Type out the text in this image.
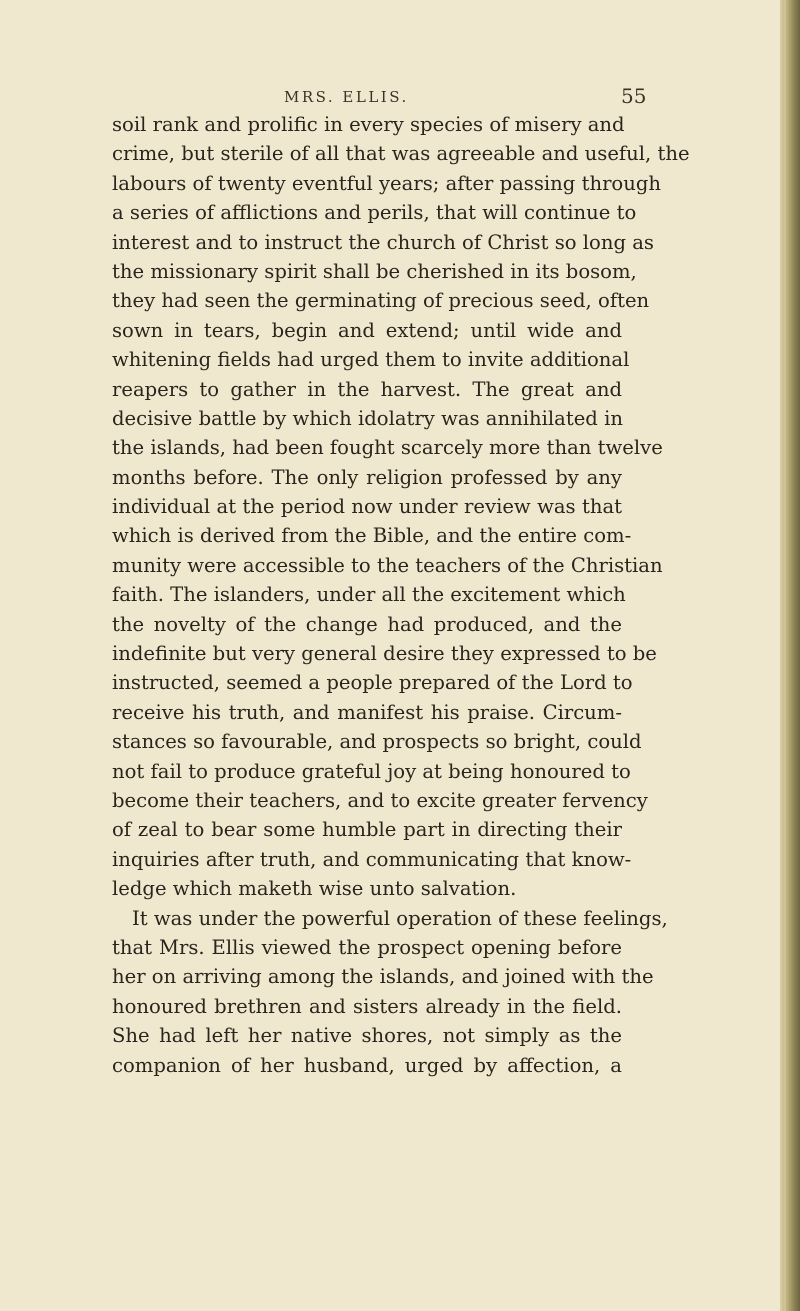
MRS. ELLIS.	55
soil rank and prolific in every species of misery and
crime, but sterile of all that was agreeable and useful, the
labours of twenty eventful years; after passing through
a series of afflictions and perils, that will continue to
interest and to instruct the church of Christ so long as
the missionary spirit shall be cherished in its bosom,
they had seen the germinating of precious seed, often
sown in tears, begin and extend; until wide and
whitening fields had urged them to invite additional
reapers to gather in the harvest. The great and
decisive battle by which idolatry was annihilated in
the islands, had been fought scarcely more than twelve
months before. The only religion professed by any
individual at the period now under review was that
which is derived from the Bible, and the entire com-
munity were accessible to the teachers of the Christian
faith. The islanders, under all the excitement which
the novelty of the change had produced, and the
indefinite but very general desire they expressed to be
instructed, seemed a people prepared of the Lord to
receive his truth, and manifest his praise. Circum-
stances so favourable, and prospects so bright, could
not fail to produce grateful joy at being honoured to
become their teachers, and to excite greater fervency
of zeal to bear some humble part in directing their
inquiries after truth, and communicating that know-
ledge which maketh wise unto salvation.
It was under the powerful operation of these feelings,
that Mrs. Ellis viewed the prospect opening before
her on arriving among the islands, and joined with the
honoured brethren and sisters already in the field.
She had left her native shores, not simply as the
companion of her husband, urged by affection, a
